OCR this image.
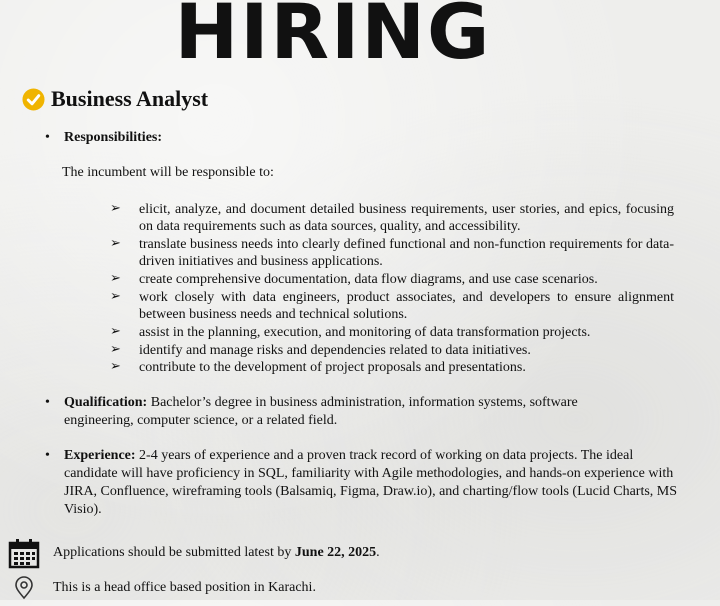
HIRING
Business Analyst
• Responsibilities:
The incumbent will be responsible to:
➢ elicit, analyze, and document detailed business requirements, user stories, and epics, focusing on data requirements such as data sources, quality, and accessibility.
➢ translate business needs into clearly defined functional and non-function requirements for data-driven initiatives and business applications.
➢ create comprehensive documentation, data flow diagrams, and use case scenarios.
➢ work closely with data engineers, product associates, and developers to ensure alignment between business needs and technical solutions.
➢ assist in the planning, execution, and monitoring of data transformation projects.
➢ identify and manage risks and dependencies related to data initiatives.
➢ contribute to the development of project proposals and presentations.
• Qualification: Bachelor’s degree in business administration, information systems, software engineering, computer science, or a related field.
• Experience: 2-4 years of experience and a proven track record of working on data projects. The ideal candidate will have proficiency in SQL, familiarity with Agile methodologies, and hands-on experience with JIRA, Confluence, wireframing tools (Balsamiq, Figma, Draw.io), and charting/flow tools (Lucid Charts, MS Visio).
Applications should be submitted latest by June 22, 2025.
This is a head office based position in Karachi.
